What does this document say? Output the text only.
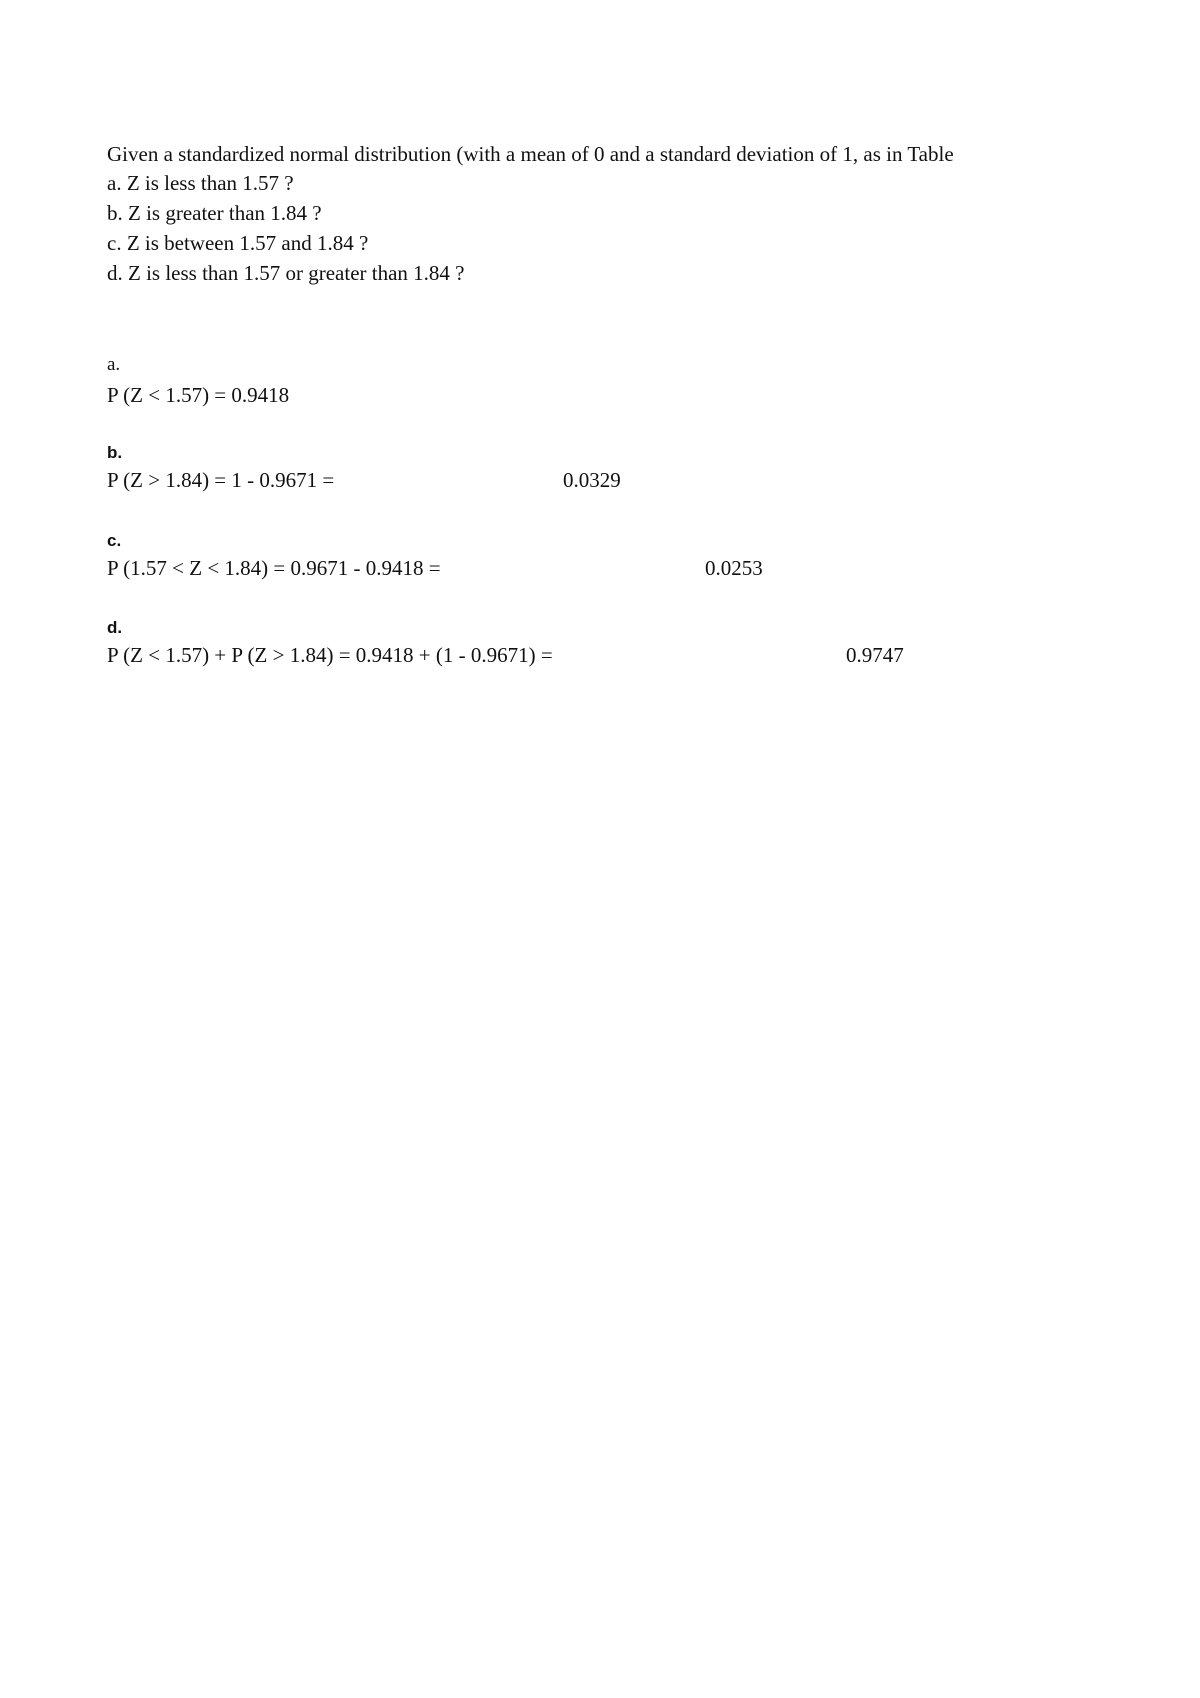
Given a standardized normal distribution (with a mean of 0 and a standard deviation of 1, as in Table
a. Z is less than 1.57 ?
b. Z is greater than 1.84 ?
c. Z is between 1.57 and 1.84 ?
d. Z is less than 1.57 or greater than 1.84 ?
a.
P (Z < 1.57) = 0.9418
b.
P (Z > 1.84) = 1 - 0.9671 =	0.0329
c.
P (1.57 < Z < 1.84) = 0.9671 - 0.9418 =	0.0253
d.
P (Z < 1.57) + P (Z > 1.84) = 0.9418 + (1 - 0.9671) =	0.9747
